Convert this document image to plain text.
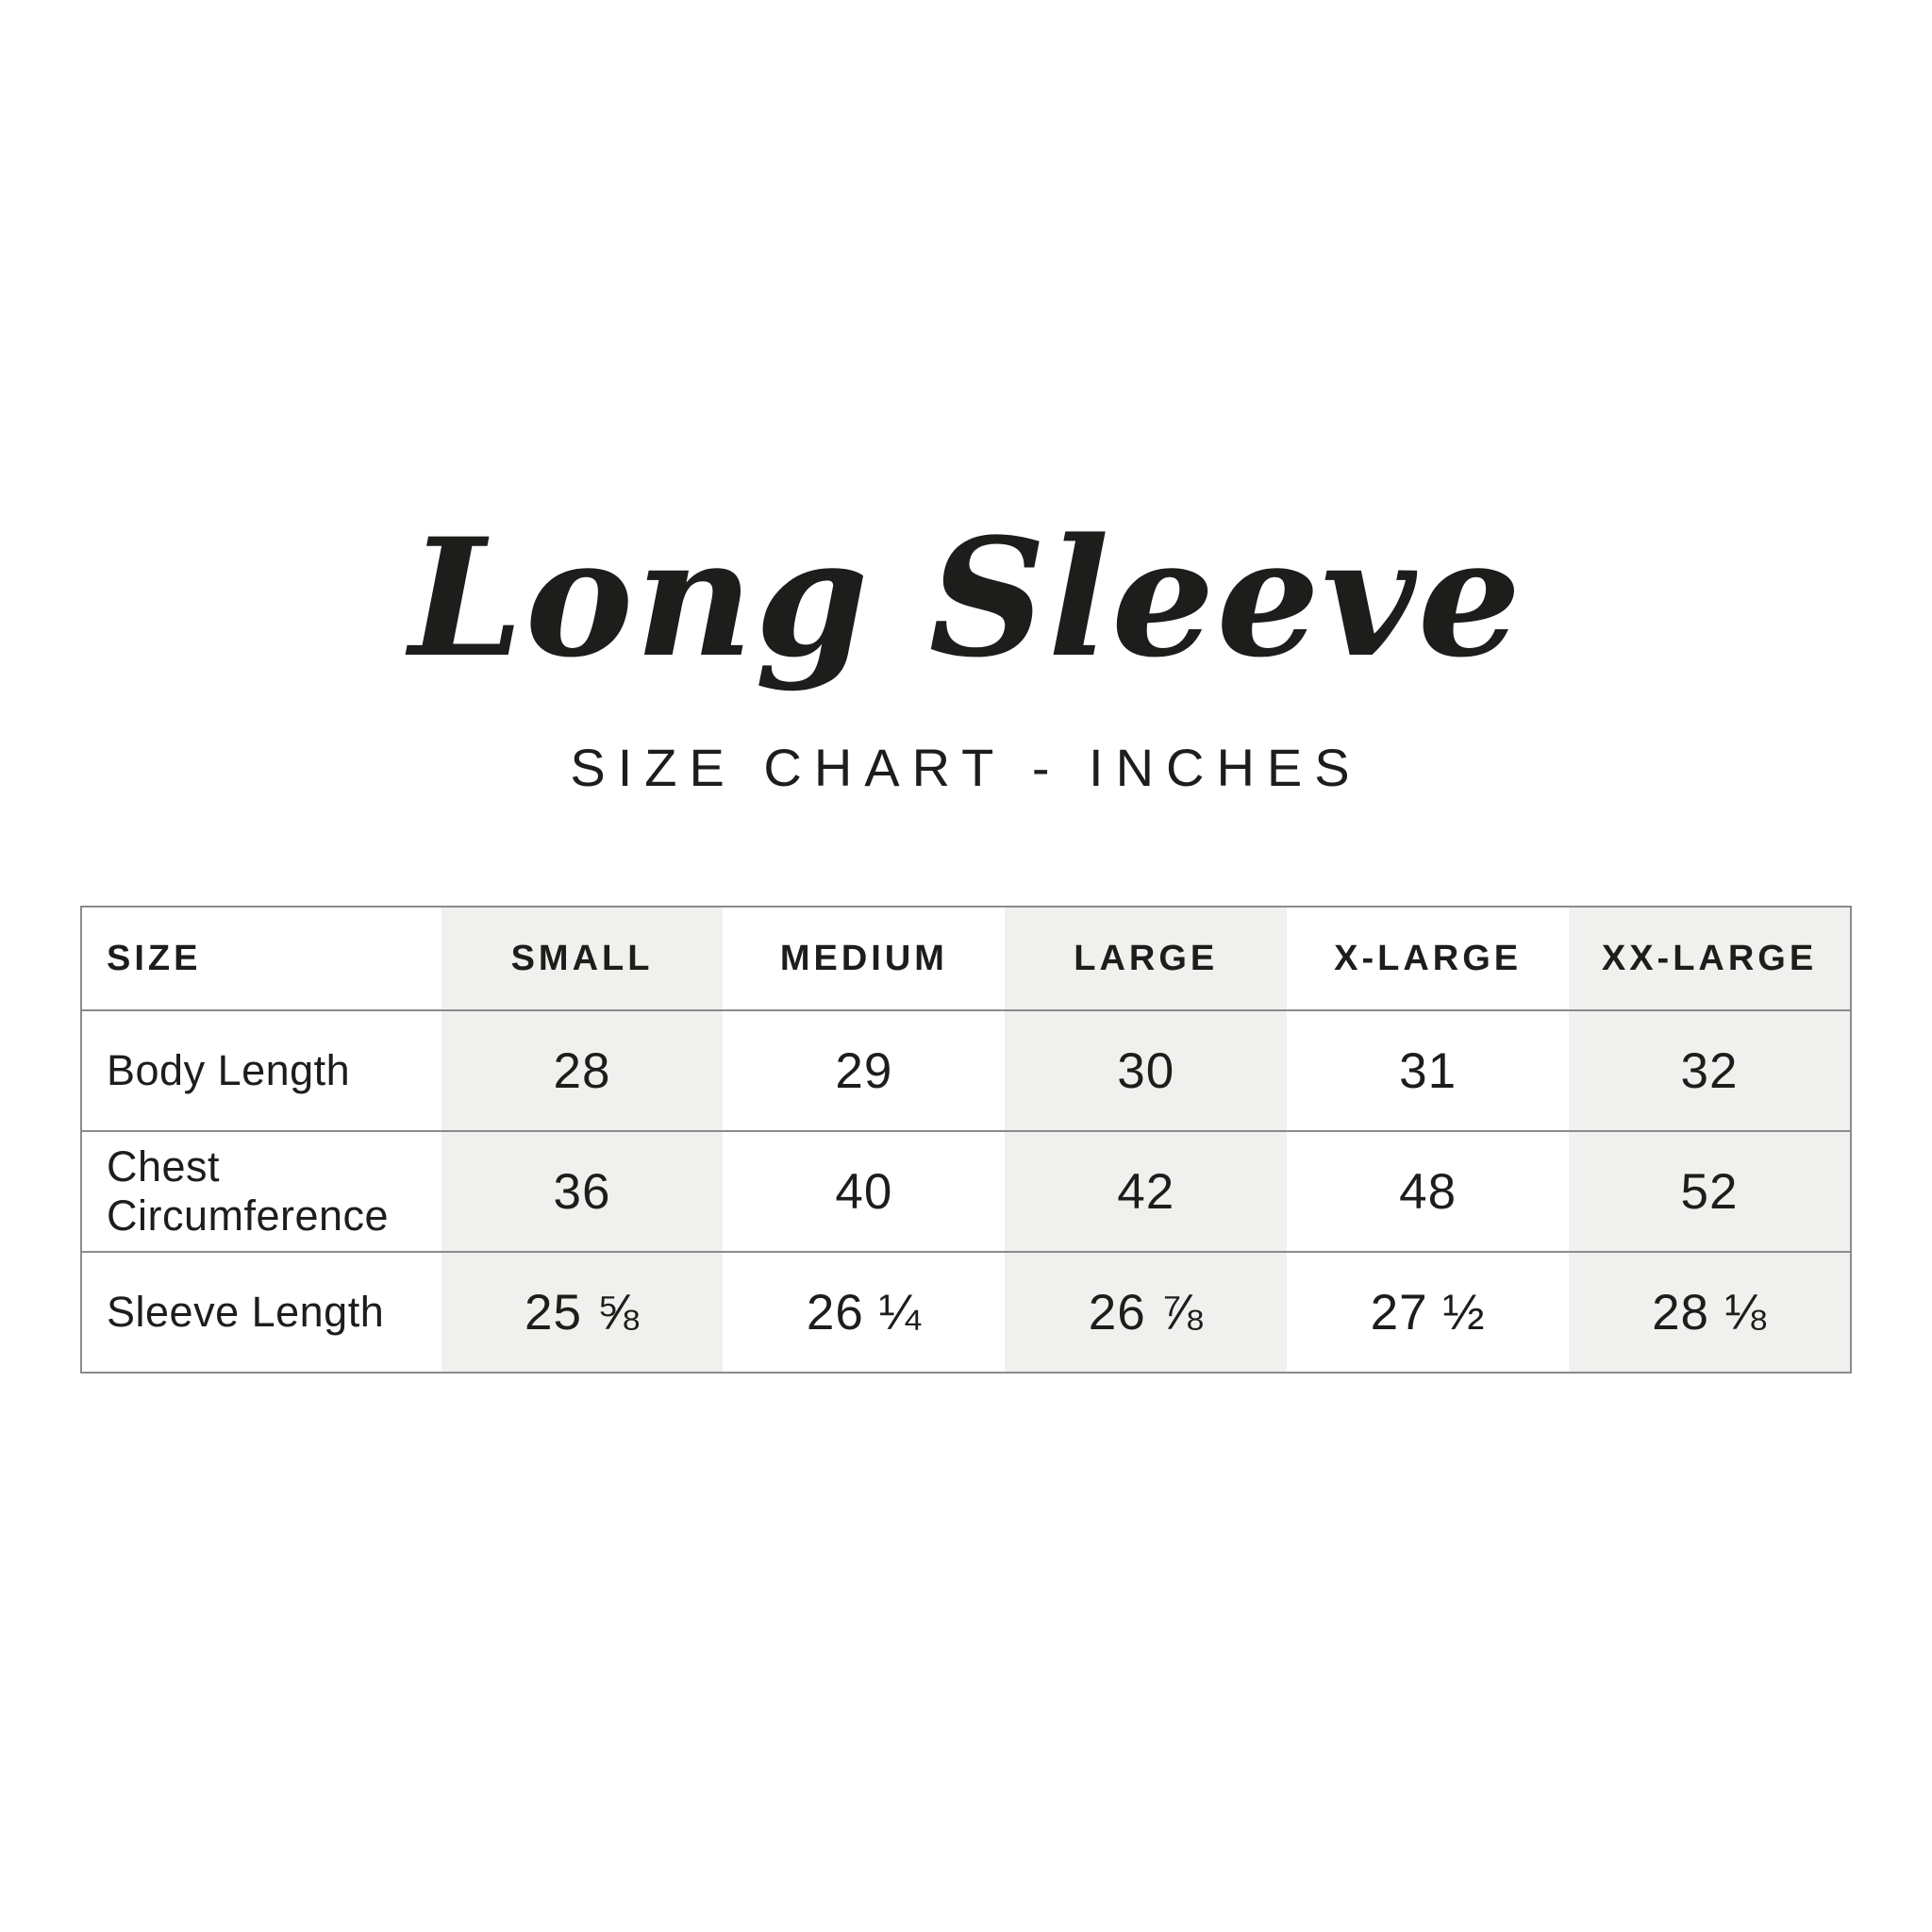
Long Sleeve
SIZE CHART - INCHES
SIZE	SMALL	MEDIUM	LARGE	X-LARGE	XX-LARGE
Body Length	28	29	30	31	32
Chest Circumference	36	40	42	48	52
Sleeve Length	25 ⅝	26 ¼	26 ⅞	27 ½	28 ⅛
